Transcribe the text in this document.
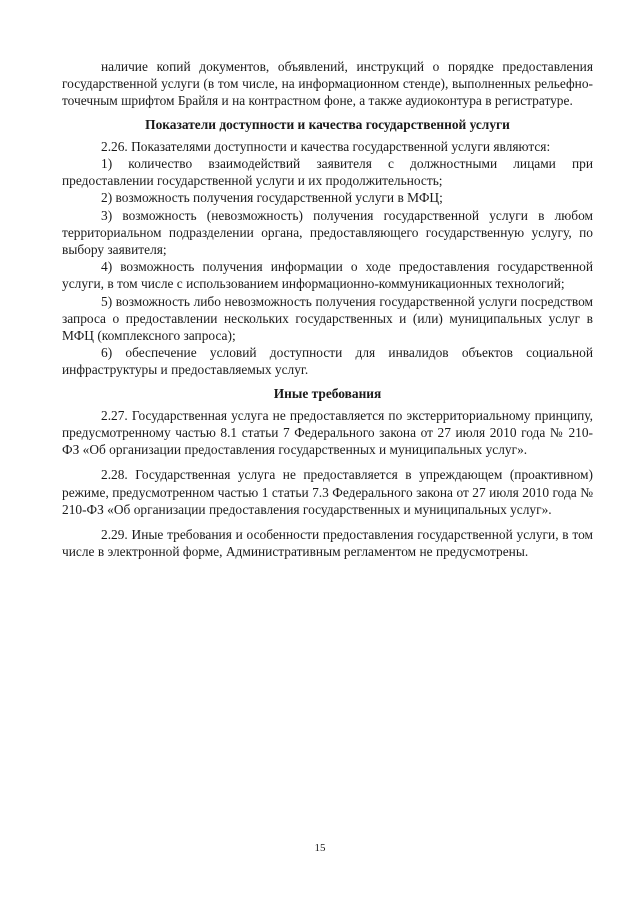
наличие копий документов, объявлений, инструкций о порядке предоставления государственной услуги (в том числе, на информационном стенде), выполненных рельефно-точечным шрифтом Брайля и на контрастном фоне, а также аудиоконтура в регистратуре.

Показатели доступности и качества государственной услуги

2.26. Показателями доступности и качества государственной услуги являются:

1) количество взаимодействий заявителя с должностными лицами при предоставлении государственной услуги и их продолжительность;

2) возможность получения государственной услуги в МФЦ;

3) возможность (невозможность) получения государственной услуги в любом территориальном подразделении органа, предоставляющего государственную услугу, по выбору заявителя;

4) возможность получения информации о ходе предоставления государственной услуги, в том числе с использованием информационно-коммуникационных технологий;

5) возможность либо невозможность получения государственной услуги посредством запроса о предоставлении нескольких государственных и (или) муниципальных услуг в МФЦ (комплексного запроса);

6) обеспечение условий доступности для инвалидов объектов социальной инфраструктуры и предоставляемых услуг.

Иные требования

2.27. Государственная услуга не предоставляется по экстерриториальному принципу, предусмотренному частью 8.1 статьи 7 Федерального закона от 27 июля 2010 года № 210-ФЗ «Об организации предоставления государственных и муниципальных услуг».

2.28. Государственная услуга не предоставляется в упреждающем (проактивном) режиме, предусмотренном частью 1 статьи 7.3 Федерального закона от 27 июля 2010 года № 210-ФЗ «Об организации предоставления государственных и муниципальных услуг».

2.29. Иные требования и особенности предоставления государственной услуги, в том числе в электронной форме, Административным регламентом не предусмотрены.

15
